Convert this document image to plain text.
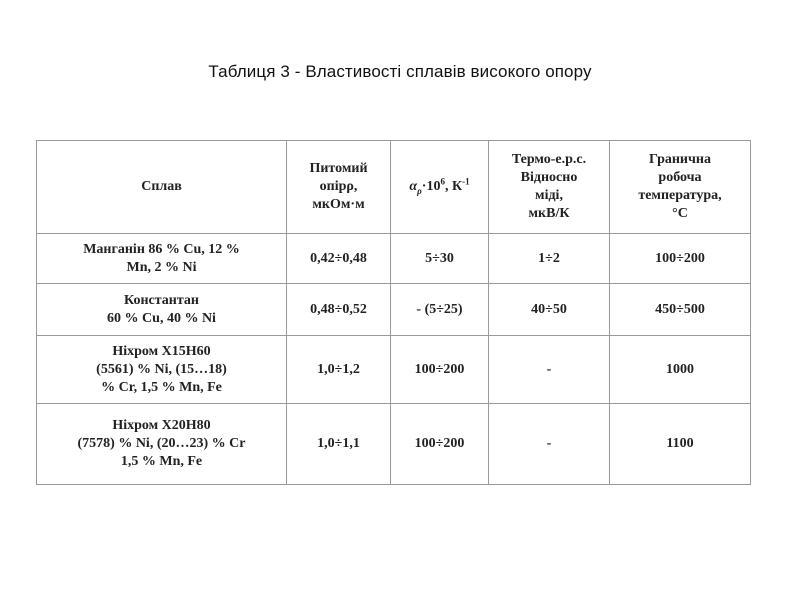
Таблиця 3 - Властивості сплавів високого опору
Сплав	Питомий
опірρ,
мкОм·м	$\alpha_\rho\cdot 10^6$, $К^{-1}$	Термо-е.р.с.
Відносно
міді,
мкВ/К	Гранична
робоча
температура,
°С
Манганін 86 % Cu, 12 %
Mn, 2 % Ni	0,42÷0,48	5÷30	1÷2	100÷200
Константан
60 % Cu, 40 % Ni	0,48÷0,52	- (5÷25)	40÷50	450÷500
Ніхром Х15Н60
(5561) % Ni, (15…18)
% Cr, 1,5 % Mn, Fe	1,0÷1,2	100÷200	-	1000
Ніхром Х20Н80
(7578) % Ni, (20…23) % Cr
1,5 % Mn, Fe	1,0÷1,1	100÷200	-	1100
